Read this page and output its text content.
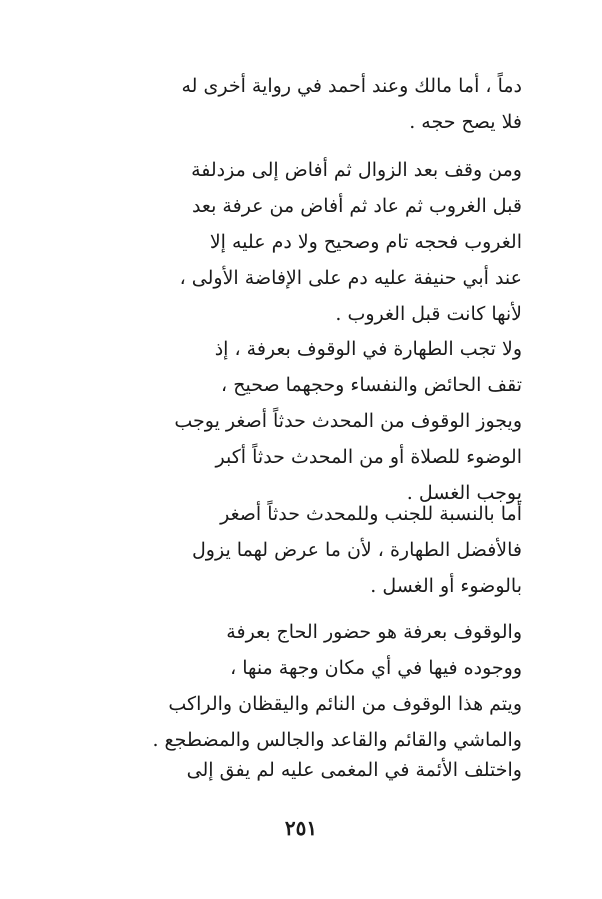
دماً ، أما مالك وعند أحمد في رواية أخرى له
فلا يصح حجه .
ومن وقف بعد الزوال ثم أفاض إلى مزدلفة
قبل الغروب ثم عاد ثم أفاض من عرفة بعد
الغروب فحجه تام وصحيح ولا دم عليه إلا
عند أبي حنيفة عليه دم على الإفاضة الأولى ،
لأنها كانت قبل الغروب .
ولا تجب الطهارة في الوقوف بعرفة ، إذ
تقف الحائض والنفساء وحجهما صحيح ،
ويجوز الوقوف من المحدث حدثاً أصغر يوجب
الوضوء للصلاة أو من المحدث حدثاً أكبر
يوجب الغسل .
أما بالنسبة للجنب وللمحدث حدثاً أصغر
فالأفضل الطهارة ، لأن ما عرض لهما يزول
بالوضوء أو الغسل .
والوقوف بعرفة هو حضور الحاج بعرفة
ووجوده فيها في أي مكان وجهة منها ،
ويتم هذا الوقوف من النائم واليقظان والراكب
والماشي والقائم والقاعد والجالس والمضطجع .
واختلف الأئمة في المغمى عليه لم يفق إلى
٢٥١
